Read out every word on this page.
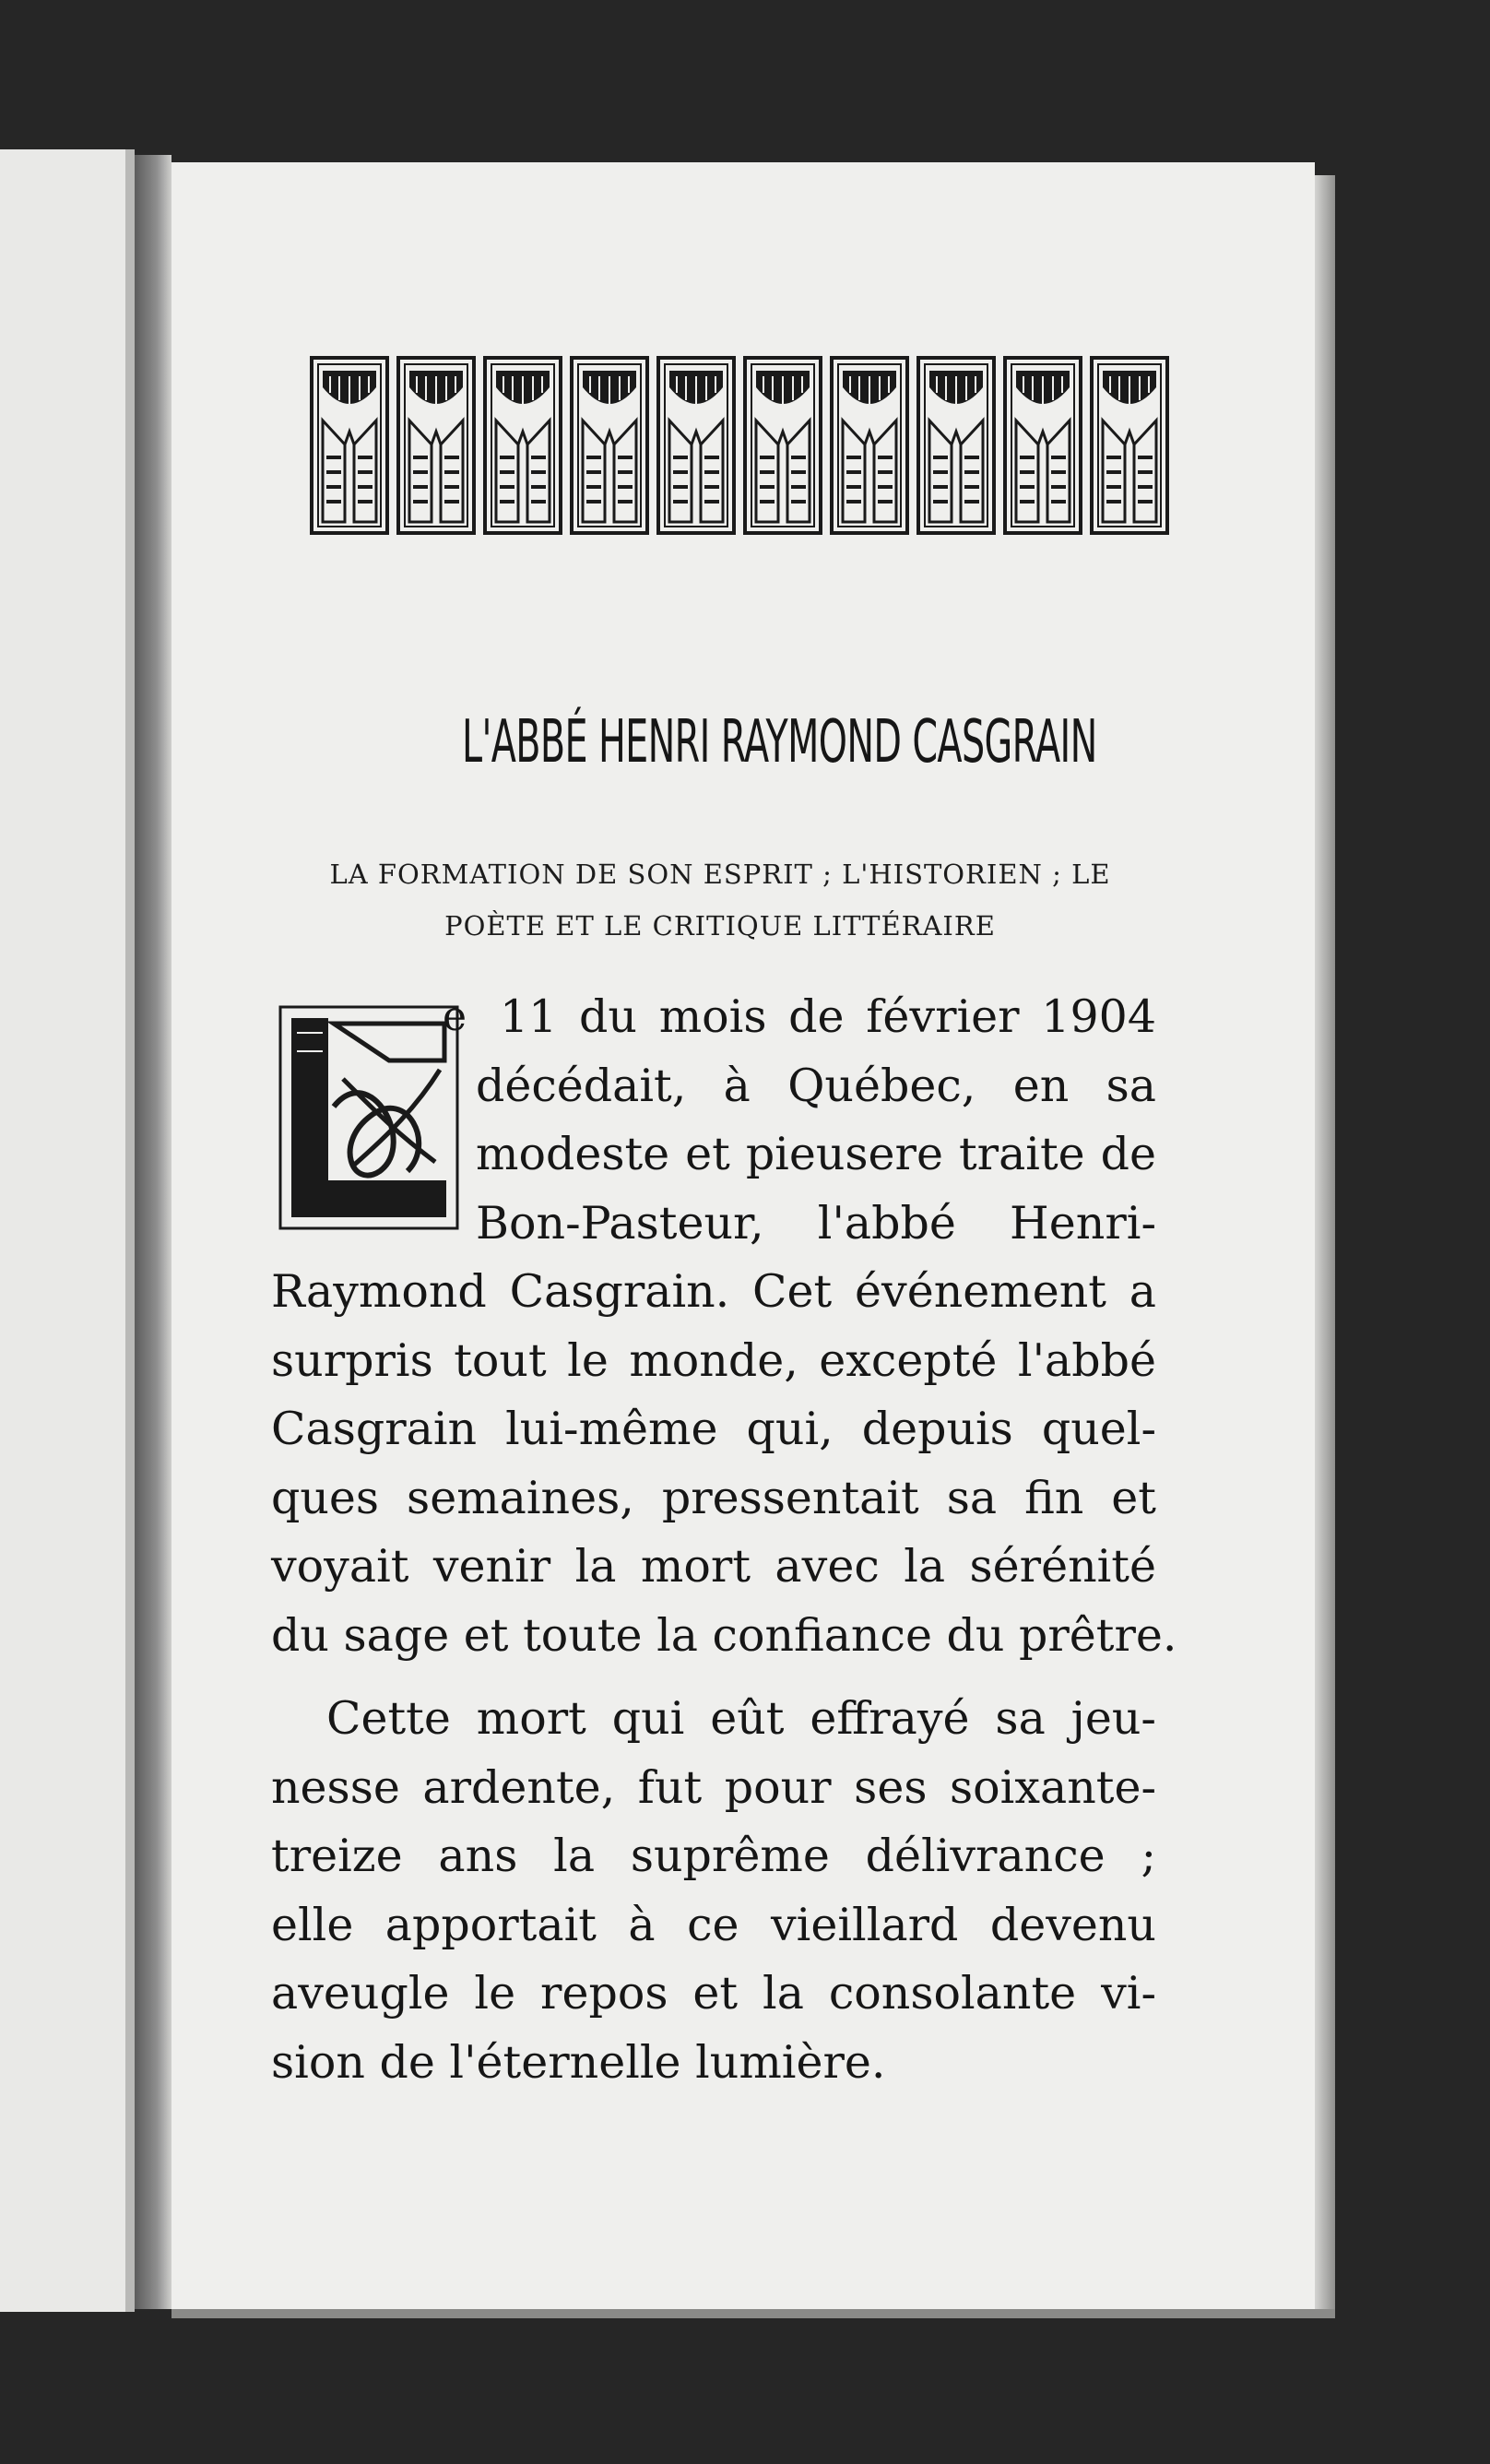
L'ABBÉ HENRI RAYMOND CASGRAIN
LA FORMATION DE SON ESPRIT ; L'HISTORIEN ; LE
POÈTE ET LE CRITIQUE LITTÉRAIRE
e 11 du mois de février 1904
décédait, à Québec, en sa
modeste et pieusere traite de
Bon-Pasteur, l'abbé Henri-
Raymond Casgrain. Cet événement a
surpris tout le monde, excepté l'abbé
Casgrain lui-même qui, depuis quel-
ques semaines, pressentait sa fin et
voyait venir la mort avec la sérénité
du sage et toute la confiance du prêtre.
Cette mort qui eût effrayé sa jeu-
nesse ardente, fut pour ses soixante-
treize ans la suprême délivrance ;
elle apportait à ce vieillard devenu
aveugle le repos et la consolante vi-
sion de l'éternelle lumière.
